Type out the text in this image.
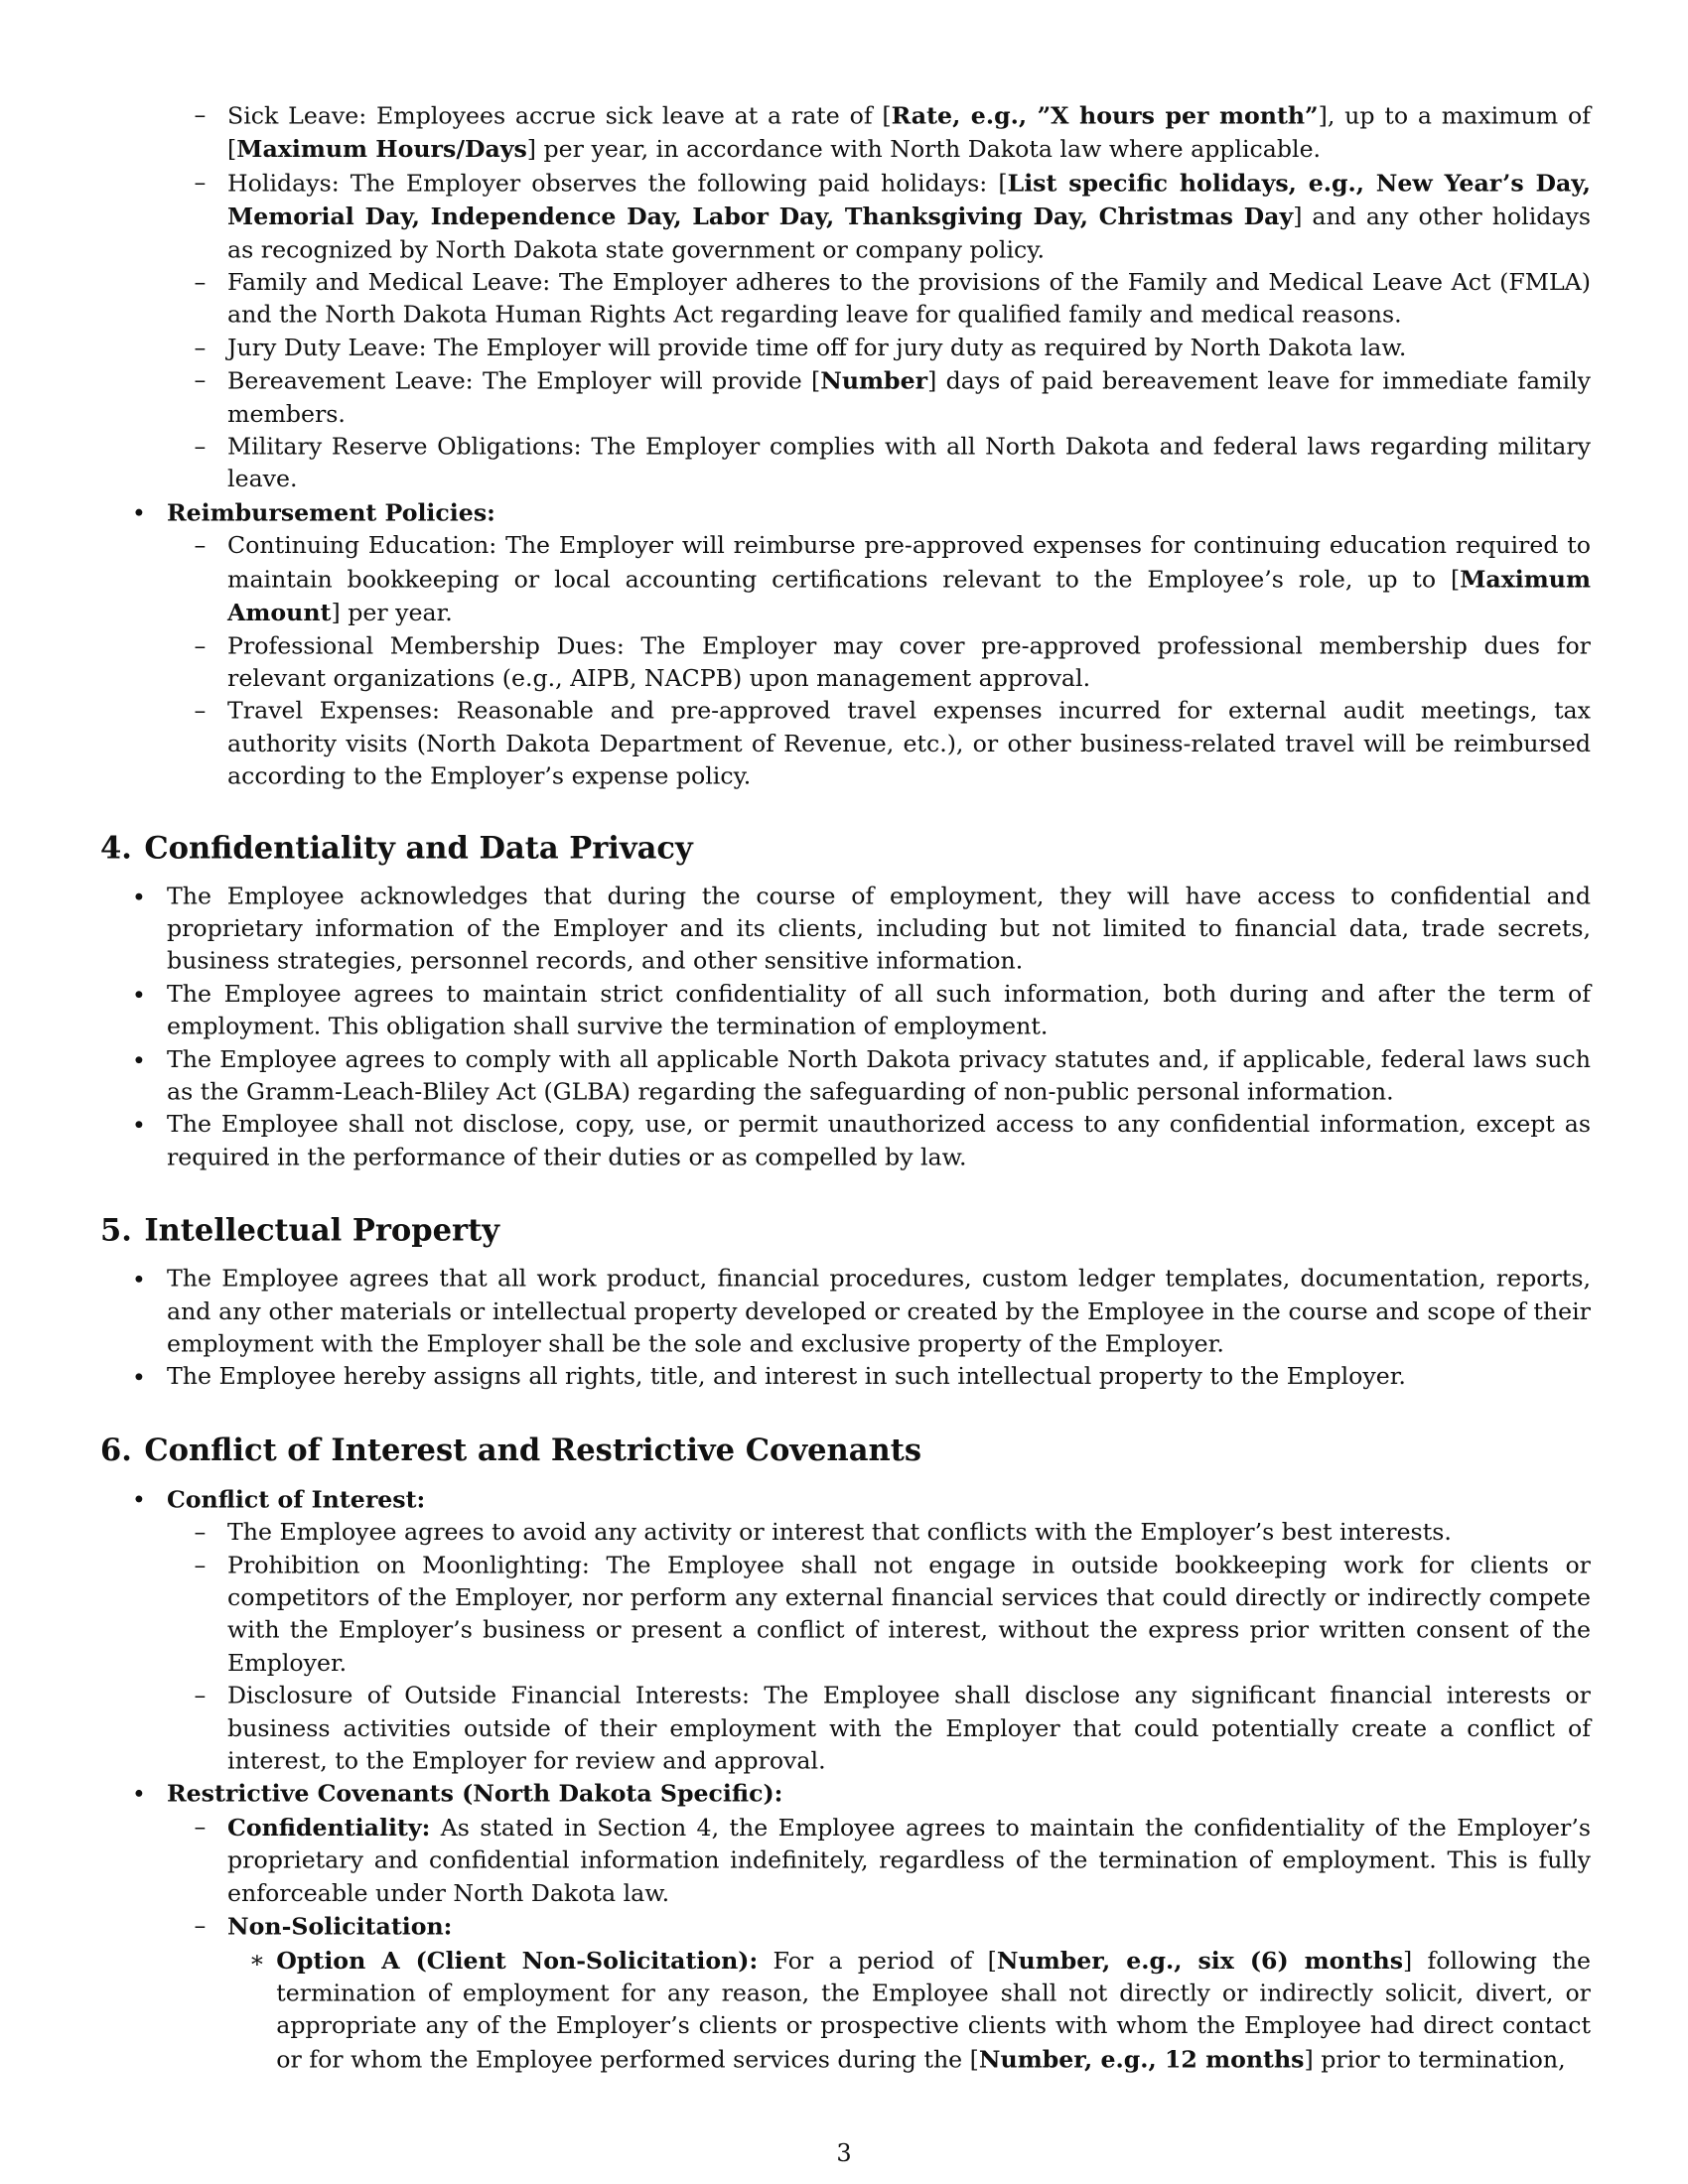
– Sick Leave: Employees accrue sick leave at a rate of [Rate, e.g., ”X hours per month”], up to a maximum of [Maximum Hours/Days] per year, in accordance with North Dakota law where applicable.
– Holidays: The Employer observes the following paid holidays: [List specific holidays, e.g., New Year’s Day, Memorial Day, Independence Day, Labor Day, Thanksgiving Day, Christmas Day] and any other holidays as recognized by North Dakota state government or company policy.
– Family and Medical Leave: The Employer adheres to the provisions of the Family and Medical Leave Act (FMLA) and the North Dakota Human Rights Act regarding leave for qualified family and medical reasons.
– Jury Duty Leave: The Employer will provide time off for jury duty as required by North Dakota law.
– Bereavement Leave: The Employer will provide [Number] days of paid bereavement leave for immediate family members.
– Military Reserve Obligations: The Employer complies with all North Dakota and federal laws regarding military leave.
Reimbursement Policies:
– Continuing Education: The Employer will reimburse pre-approved expenses for continuing education required to maintain bookkeeping or local accounting certifications relevant to the Employee’s role, up to [Maximum Amount] per year.
– Professional Membership Dues: The Employer may cover pre-approved professional membership dues for relevant organizations (e.g., AIPB, NACPB) upon management approval.
– Travel Expenses: Reasonable and pre-approved travel expenses incurred for external audit meetings, tax authority visits (North Dakota Department of Revenue, etc.), or other business-related travel will be reimbursed according to the Employer’s expense policy.
4. Confidentiality and Data Privacy
The Employee acknowledges that during the course of employment, they will have access to confidential and proprietary information of the Employer and its clients, including but not limited to financial data, trade secrets, business strategies, personnel records, and other sensitive information.
The Employee agrees to maintain strict confidentiality of all such information, both during and after the term of employment. This obligation shall survive the termination of employment.
The Employee agrees to comply with all applicable North Dakota privacy statutes and, if applicable, federal laws such as the Gramm-Leach-Bliley Act (GLBA) regarding the safeguarding of non-public personal information.
The Employee shall not disclose, copy, use, or permit unauthorized access to any confidential information, except as required in the performance of their duties or as compelled by law.
5. Intellectual Property
The Employee agrees that all work product, financial procedures, custom ledger templates, documentation, reports, and any other materials or intellectual property developed or created by the Employee in the course and scope of their employment with the Employer shall be the sole and exclusive property of the Employer.
The Employee hereby assigns all rights, title, and interest in such intellectual property to the Employer.
6. Conflict of Interest and Restrictive Covenants
Conflict of Interest:
– The Employee agrees to avoid any activity or interest that conflicts with the Employer’s best interests.
– Prohibition on Moonlighting: The Employee shall not engage in outside bookkeeping work for clients or competitors of the Employer, nor perform any external financial services that could directly or indirectly compete with the Employer’s business or present a conflict of interest, without the express prior written consent of the Employer.
– Disclosure of Outside Financial Interests: The Employee shall disclose any significant financial interests or business activities outside of their employment with the Employer that could potentially create a conflict of interest, to the Employer for review and approval.
Restrictive Covenants (North Dakota Specific):
– Confidentiality: As stated in Section 4, the Employee agrees to maintain the confidentiality of the Employer’s proprietary and confidential information indefinitely, regardless of the termination of employment. This is fully enforceable under North Dakota law.
– Non-Solicitation:
∗ Option A (Client Non-Solicitation): For a period of [Number, e.g., six (6) months] following the termination of employment for any reason, the Employee shall not directly or indirectly solicit, divert, or appropriate any of the Employer’s clients or prospective clients with whom the Employee had direct contact or for whom the Employee performed services during the [Number, e.g., 12 months] prior to termination,
3
